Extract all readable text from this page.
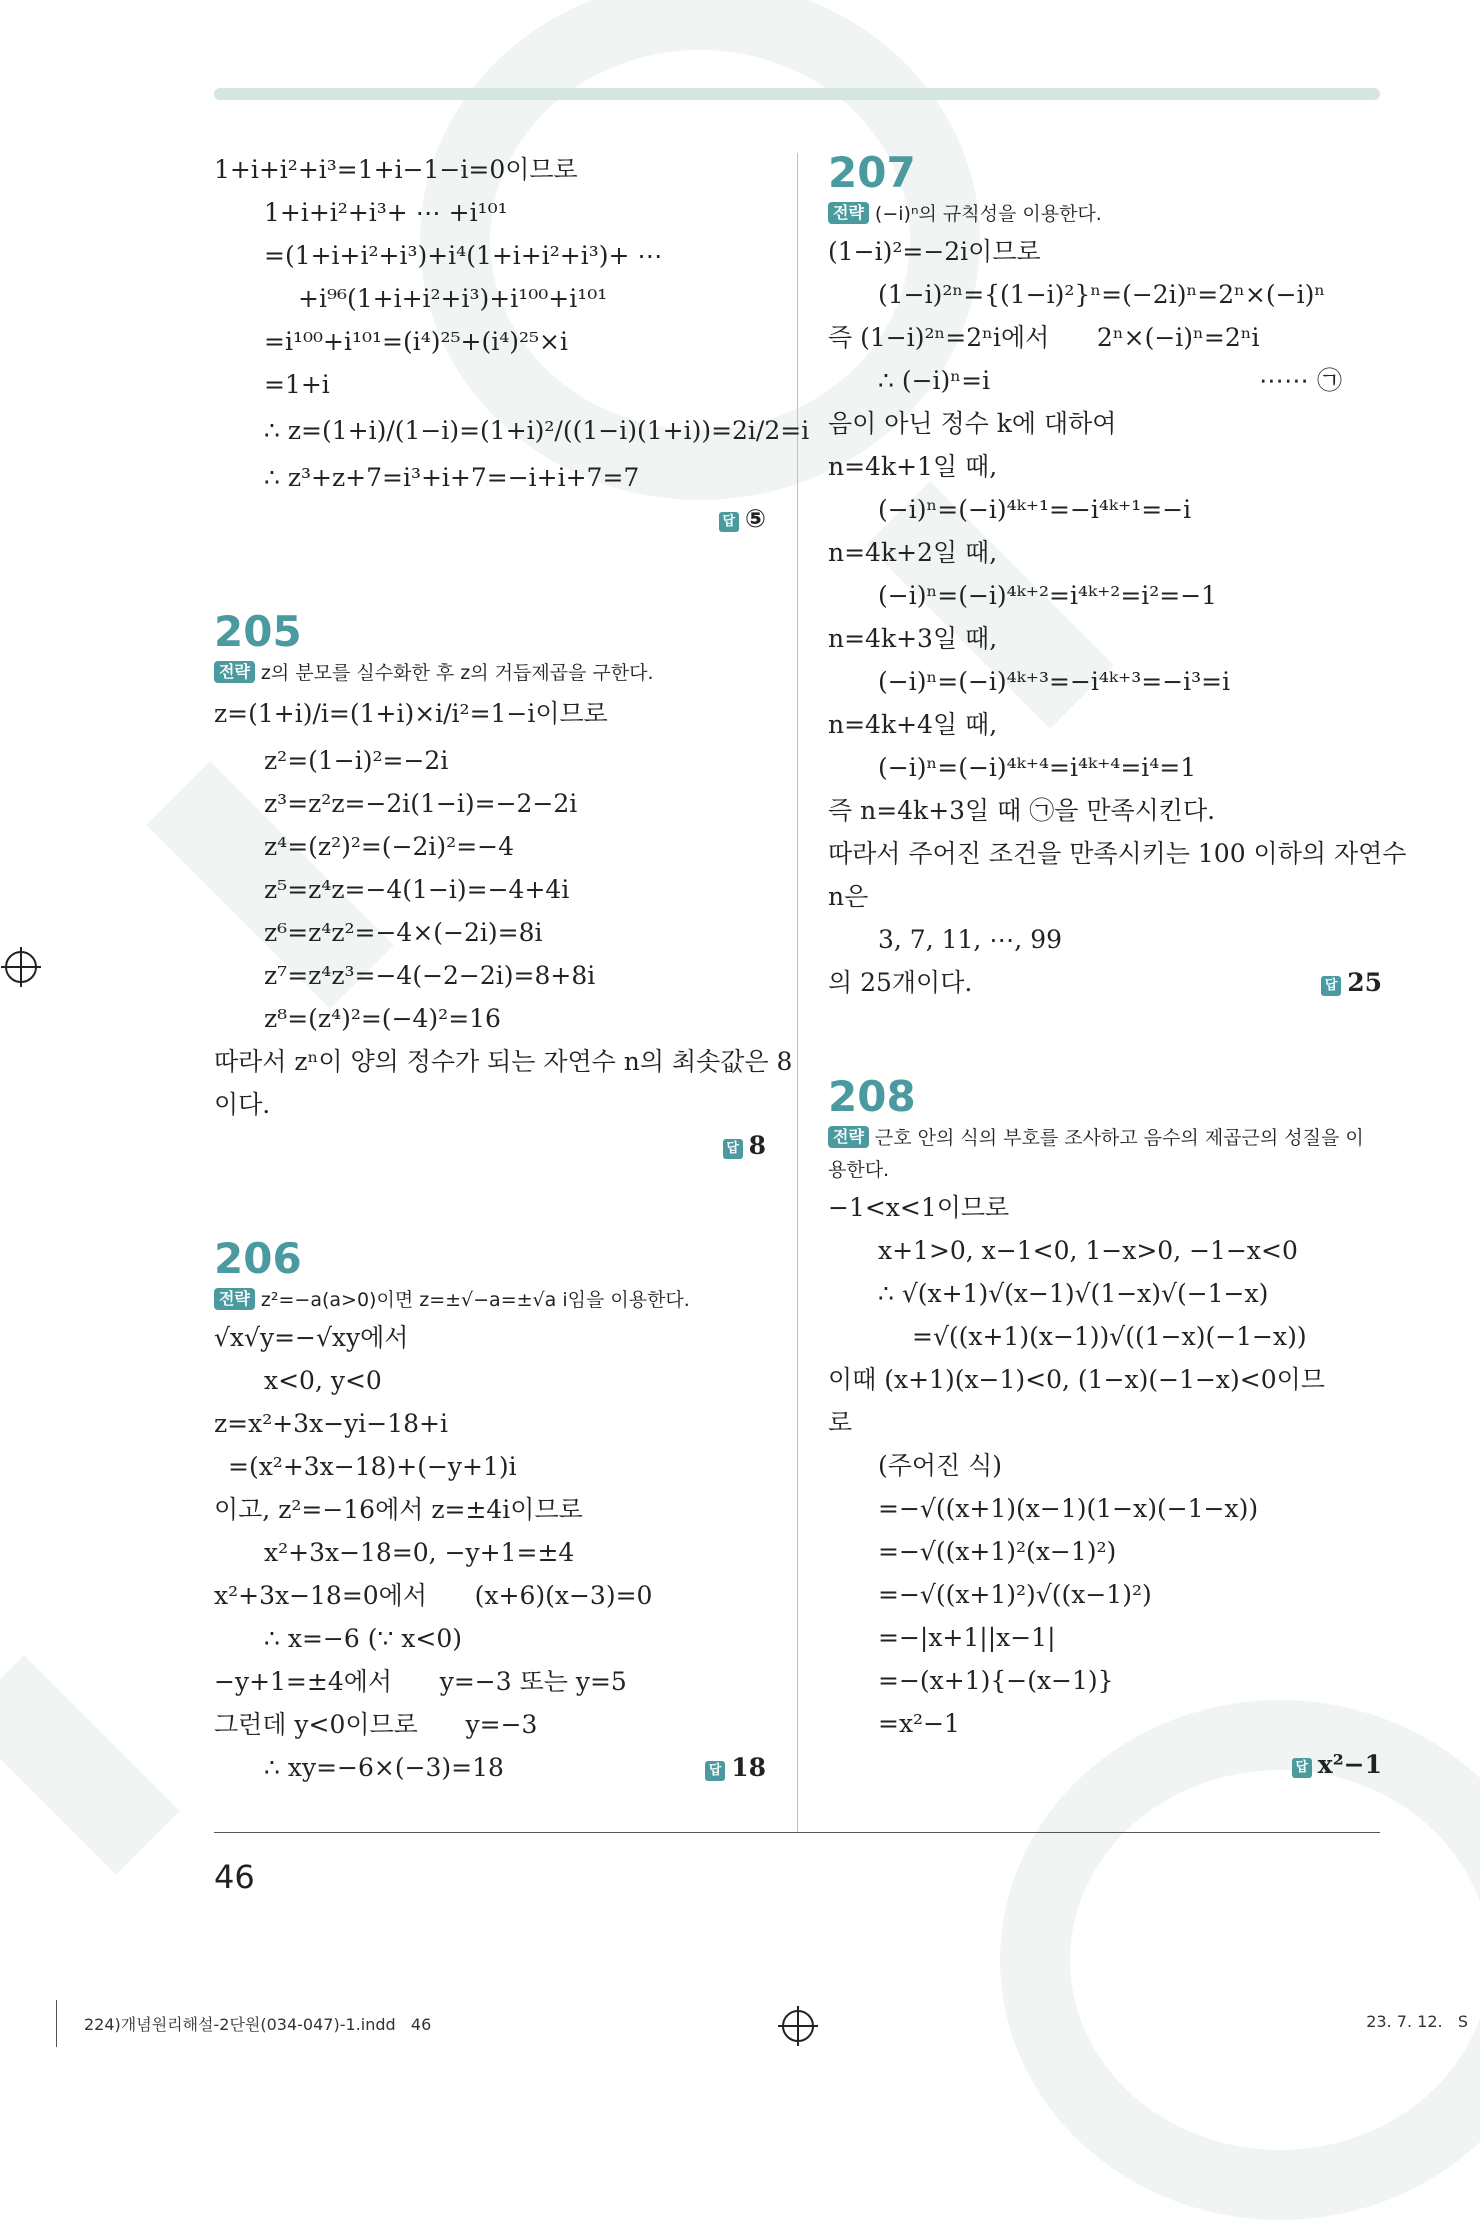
1+i+i²+i³=1+i−1−i=0이므로
1+i+i²+i³+ ⋯ +i¹⁰¹
=(1+i+i²+i³)+i⁴(1+i+i²+i³)+ ⋯
+i⁹⁶(1+i+i²+i³)+i¹⁰⁰+i¹⁰¹
=i¹⁰⁰+i¹⁰¹=(i⁴)²⁵+(i⁴)²⁵×i
=1+i
∴ z=(1+i)/(1−i)=(1+i)²/((1−i)(1+i))=2i/2=i
∴ z³+z+7=i³+i+7=−i+i+7=7
답 ⑤
205
전략 z의 분모를 실수화한 후 z의 거듭제곱을 구한다.
z=(1+i)/i=(1+i)×i/i²=1−i이므로
z²=(1−i)²=−2i
z³=z²z=−2i(1−i)=−2−2i
z⁴=(z²)²=(−2i)²=−4
z⁵=z⁴z=−4(1−i)=−4+4i
z⁶=z⁴z²=−4×(−2i)=8i
z⁷=z⁴z³=−4(−2−2i)=8+8i
z⁸=(z⁴)²=(−4)²=16
따라서 zⁿ이 양의 정수가 되는 자연수 n의 최솟값은 8
이다.
답 8
206
전략 z²=−a(a>0)이면 z=±√−a=±√a i임을 이용한다.
√x√y=−√xy에서
x<0, y<0
z=x²+3x−yi−18+i
=(x²+3x−18)+(−y+1)i
이고, z²=−16에서 z=±4i이므로
x²+3x−18=0, −y+1=±4
x²+3x−18=0에서      (x+6)(x−3)=0
∴ x=−6 (∵ x<0)
−y+1=±4에서      y=−3 또는 y=5
그런데 y<0이므로      y=−3
∴ xy=−6×(−3)=18	답 18
207
전략 (−i)ⁿ의 규칙성을 이용한다.
(1−i)²=−2i이므로
(1−i)²ⁿ={(1−i)²}ⁿ=(−2i)ⁿ=2ⁿ×(−i)ⁿ
즉 (1−i)²ⁿ=2ⁿi에서      2ⁿ×(−i)ⁿ=2ⁿi
∴ (−i)ⁿ=i	⋯⋯ ㉠
음이 아닌 정수 k에 대하여
n=4k+1일 때,
(−i)ⁿ=(−i)⁴ᵏ⁺¹=−i⁴ᵏ⁺¹=−i
n=4k+2일 때,
(−i)ⁿ=(−i)⁴ᵏ⁺²=i⁴ᵏ⁺²=i²=−1
n=4k+3일 때,
(−i)ⁿ=(−i)⁴ᵏ⁺³=−i⁴ᵏ⁺³=−i³=i
n=4k+4일 때,
(−i)ⁿ=(−i)⁴ᵏ⁺⁴=i⁴ᵏ⁺⁴=i⁴=1
즉 n=4k+3일 때 ㉠을 만족시킨다.
따라서 주어진 조건을 만족시키는 100 이하의 자연수
n은
3, 7, 11, ⋯, 99
의 25개이다.	답 25
208
전략 근호 안의 식의 부호를 조사하고 음수의 제곱근의 성질을 이용한다.
−1<x<1이므로
x+1>0, x−1<0, 1−x>0, −1−x<0
∴ √(x+1)√(x−1)√(1−x)√(−1−x)
=√((x+1)(x−1))√((1−x)(−1−x))
이때 (x+1)(x−1)<0, (1−x)(−1−x)<0이므
로
(주어진 식)
=−√((x+1)(x−1)(1−x)(−1−x))
=−√((x+1)²(x−1)²)
=−√((x+1)²)√((x−1)²)
=−|x+1||x−1|
=−(x+1){−(x−1)}
=x²−1
답 x²−1
46
224)개념원리해설-2단원(034-047)-1.indd   46	23. 7. 12.   S
